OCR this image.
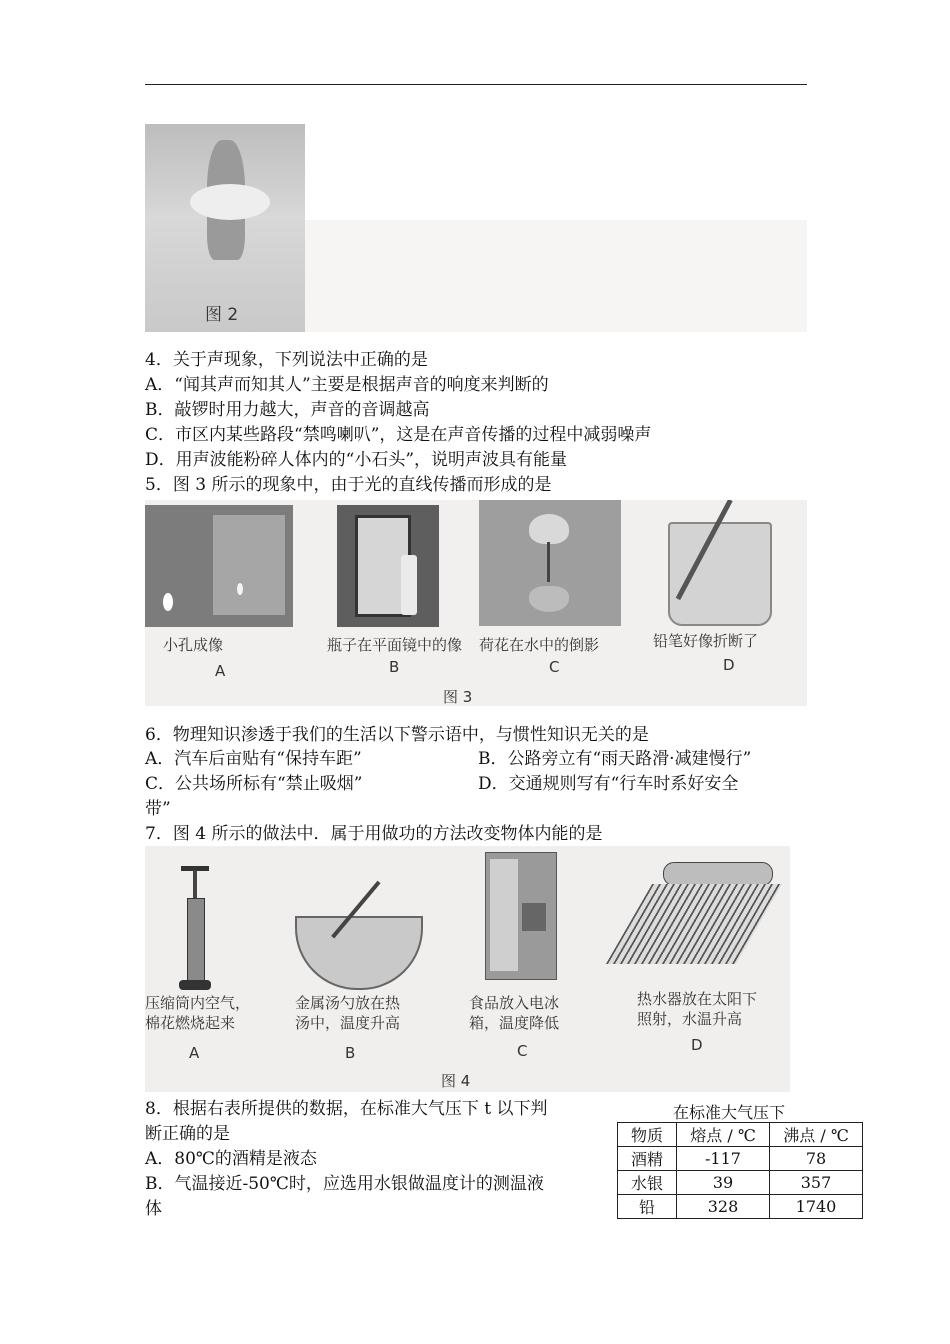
图 2
4．关于声现象，下列说法中正确的是
A．“闻其声而知其人”主要是根据声音的响度来判断的
B．敲锣时用力越大，声音的音调越高
C．市区内某些路段“禁鸣喇叭”，这是在声音传播的过程中减弱噪声
D．用声波能粉碎人体内的“小石头”，说明声波具有能量
5．图 3 所示的现象中，由于光的直线传播而形成的是
小孔成像
A
瓶子在平面镜中的像
B
荷花在水中的倒影
C
铅笔好像折断了
D
图 3
6．物理知识渗透于我们的生活以下警示语中，与惯性知识无关的是
A．汽车后亩贴有“保持车距”	B．公路旁立有“雨天路滑·减建慢行”
C．公共场所标有“禁止吸烟”	D．交通规则写有“行车时系好安全
带”
7．图 4 所示的做法中．属于用做功的方法改变物体内能的是
压缩筒内空气，
棉花燃烧起来
A
金属汤勺放在热
汤中，温度升高
B
食品放入电冰
箱，温度降低
C
热水器放在太阳下
照射，水温升高
D
图 4
8．根据右表所提供的数据，在标准大气压下 t 以下判
断正确的是
A．80℃的酒精是液态
B．气温接近-50℃时，应选用水银做温度计的测温液
体
在标准大气压下
物质	熔点 / ℃	沸点 / ℃
酒精	-117	78
水银	39	357
铅	328	1740
